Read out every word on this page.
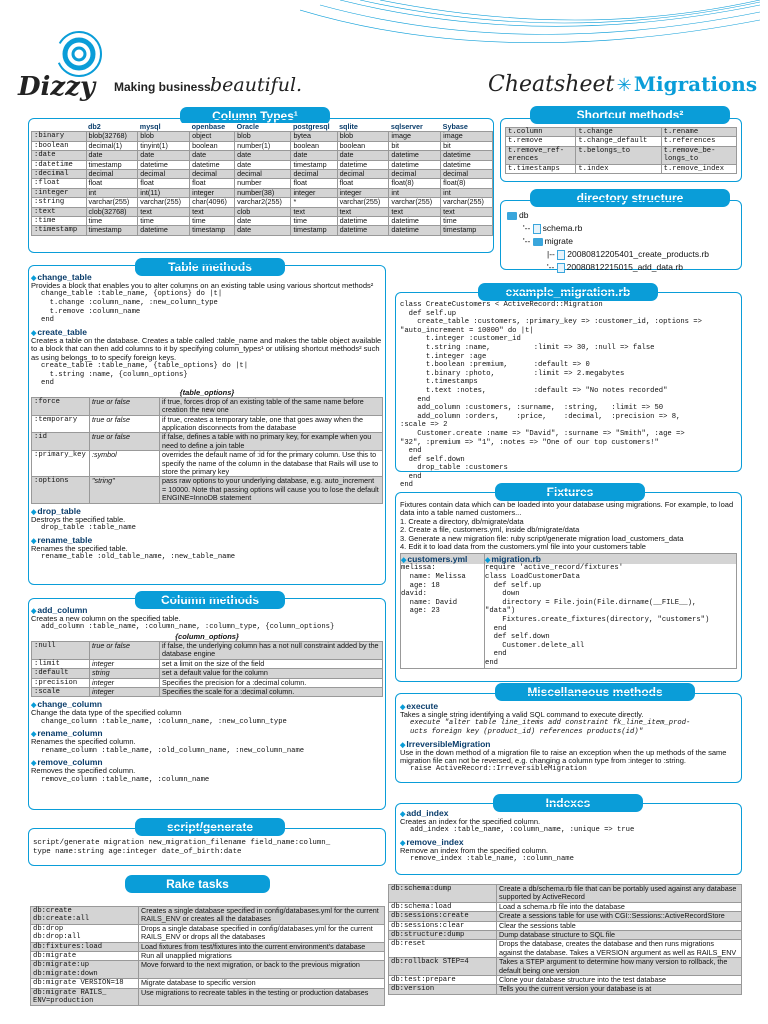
Dizzy Making business beautiful.	Cheatsheet ✳ Migrations
Column Types¹
	db2	mysql	openbase	Oracle	postgresql	sqlite	sqlserver	Sybase
:binary	blob(32768)	blob	object	blob	bytea	blob	image	image
:boolean	decimal(1)	tinyint(1)	boolean	number(1)	boolean	boolean	bit	bit
:date	date	date	date	date	date	date	datetime	datetime
:datetime	timestamp	datetime	datetime	date	timestamp	datetime	datetime	datetime
:decimal	decimal	decimal	decimal	decimal	decimal	decimal	decimal	decimal
:float	float	float	float	number	float	float	float(8)	float(8)
:integer	int	int(11)	integer	number(38)	integer	integer	int	int
:string	varchar(255)	varchar(255)	char(4096)	varchar2(255)	*	varchar(255)	varchar(255)	varchar(255)
:text	clob(32768)	text	text	clob	text	text	text	text
:time	time	time	time	date	time	datetime	datetime	time
:timestamp	timestamp	datetime	timestamp	date	timestamp	datetime	datetime	timestamp
Shortcut methods²
t.column	t.change	t.rename
t.remove	t.change_default	t.references
t.remove_ref-
erences	t.belongs_to	t.remove_be-
longs_to
t.timestamps	t.index	t.remove_index
directory structure
db
'-- schema.rb
'-- migrate
|-- 20080812205401_create_products.rb
'-- 20080812215015_add_data.rb
Table methods
◆ change_table
Provides a block that enables you to alter columns on an existing table using various shortcut methods²
change_table :table_name, {options} do |t|
t.change :column_name, :new_column_type
t.remove :column_name
end
◆ create_table
Creates a table on the database. Creates a table called :table_name and makes the table object available to a block that can then add columns to it by specifying column_types¹ or utilising shortcut methods² such as using belongs_to to specify foreign keys.
create_table :table_name, {table_options} do |t|
t.string :name, {column_options}
end
{table_options}
:force	true or false	if true, forces drop of an existing table of the same name before creation the new one
:temporary	true or false	if true, creates a temporary table, one that goes away when the application disconnects from the database
:id	true or false	if false, defines a table with no primary key, for example when you need to define a join table
:primary_key	:symbol	overrides the default name of :id for the primary column. Use this to specify the name of the column in the database that Rails will use to store the primary key
:options	"string"	pass raw options to your underlying database, e.g. auto_increment = 10000. Note that passing options will cause you to lose the default ENGINE=InnoDB statement
◆ drop_table
Destroys the specified table.
drop_table :table_name
◆ rename_table
Renames the specified table.
rename_table :old_table_name, :new_table_name
example_migration.rb
class CreateCustomers < ActiveRecord::Migration
def self.up
create_table :customers, :primary_key => :customer_id, :options =>
"auto_increment = 10000" do |t|
t.integer :customer_id
t.string :name,          :limit => 30, :null => false
t.integer :age
t.boolean :premium,      :default => 0
t.binary :photo,         :limit => 2.megabytes
t.timestamps
t.text :notes,           :default => "No notes recorded"
end
add_column :customers, :surname,  :string,   :limit => 50
add_column :orders,    :price,    :decimal,  :precision => 8,
:scale => 2
Customer.create :name => "David", :surname => "Smith", :age =>
"32", :premium => "1", :notes => "One of our top customers!"
end
def self.down
drop_table :customers
end
end	Fixtures
Fixtures contain data which can be loaded into your database using migrations. For example, to load data into a table named customers...
1. Create a directory, db/migrate/data
2. Create a file, customers.yml, inside db/migrate/data
3. Generate a new migration file: ruby script/generate migration load_customers_data
4. Edit it to load data from the customers.yml file into your customers table
◆ customers.yml
melissa:
name: Melissa
age: 18
david:
name: David
age: 23
◆ migration.rb
require 'active_record/fixtures'
class LoadCustomerData
def self.up
down
directory = File.join(File.dirname(__FILE__),
"data")
Fixtures.create_fixtures(directory, "customers")
end
def self.down
Customer.delete_all
end
end
Column methods
◆ add_column
Creates a new column on the specified table.
add_column :table_name, :column_name, :column_type, {column_options}
{column_options}
:null	true or false	if false, the underlying column has a not null constraint added by the database engine
:limit	integer	set a limit on the size of the field
:default	string	set a default value for the column
:precision	integer	Specifies the precision for a :decimal column.
:scale	integer	Specifies the scale for a :decimal column.
◆ change_column
Change the data type of the specified column
change_column :table_name, :column_name, :new_column_type
◆ rename_column
Renames the specified column.
rename_column :table_name, :old_column_name, :new_column_name
◆ remove_column
Removes the specified column.
remove_column :table_name, :column_name
Miscellaneous methods
◆ execute
Takes a single string identifying a valid SQL command to execute directly.
execute "alter table line_items add constraint fk_line_item_prod-
ucts foreign key (product_id) references products(id)"
◆ IrreversibleMigration
Use in the down method of a migration file to raise an exception when the up methods of the same migration file can not be reversed, e.g. changing a column type from :integer to :string.
raise ActiveRecord::IrreversibleMigration
Indexes
◆ add_index
Creates an index for the specified column.
add_index :table_name, :column_name, :unique => true
◆ remove_index
Remove an index from the specified column.
remove_index :table_name, :column_name
script/generate
script/generate migration new_migration_filename field_name:column_
type name:string age:integer date_of_birth:date
Rake tasks
db:create
db:create:all	Creates a single database specified in config/databases.yml for the current RAILS_ENV or creates all the databases
db:drop
db:drop:all	Drops a single database specified in config/databases.yml for the current RAILS_ENV or drops all the databases
db:fixtures:load	Load fixtures from test/fixtures into the current environment's database
db:migrate	Run all unapplied migrations
db:migrate:up
db:migrate:down	Move forward to the next migration, or back to the previous migration
db:migrate VERSION=18	Migrate database to specific version
db:migrate RAILS_
ENV=production	Use migrations to recreate tables in the testing or production databases
db:schema:dump	Create a db/schema.rb file that can be portably used against any database supported by ActiveRecord
db:schema:load	Load a schema.rb file into the database
db:sessions:create	Create a sessions table for use with CGI::Sessions::ActiveRecordStore
db:sessions:clear	Clear the sessions table
db:structure:dump	Dump database structure to SQL file
db:reset	Drops the database, creates the database and then runs migrations against the database. Takes a VERSION argument as well as RAILS_ENV
db:rollback STEP=4	Takes a STEP argument to determine how many version to rollback, the default being one version
db:test:prepare	Clone your database structure into the test database
db:version	Tells you the current version your database is at
